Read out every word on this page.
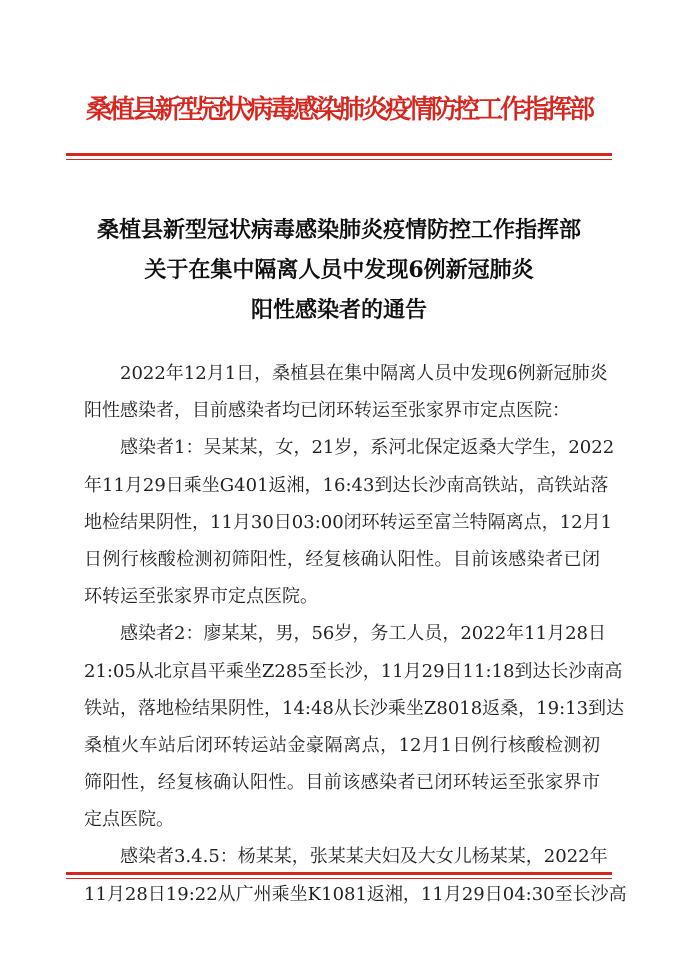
桑植县新型冠状病毒感染肺炎疫情防控工作指挥部
桑植县新型冠状病毒感染肺炎疫情防控工作指挥部
关于在集中隔离人员中发现6例新冠肺炎
阳性感染者的通告
2022年12月1日，桑植县在集中隔离人员中发现6例新冠肺炎
阳性感染者，目前感染者均已闭环转运至张家界市定点医院：
感染者1：吴某某，女，21岁，系河北保定返桑大学生，2022
年11月29日乘坐G401返湘，16:43到达长沙南高铁站，高铁站落
地检结果阴性，11月30日03:00闭环转运至富兰特隔离点，12月1
日例行核酸检测初筛阳性，经复核确认阳性。目前该感染者已闭
环转运至张家界市定点医院。
感染者2：廖某某，男，56岁，务工人员，2022年11月28日
21:05从北京昌平乘坐Z285至长沙，11月29日11:18到达长沙南高
铁站，落地检结果阴性，14:48从长沙乘坐Z8018返桑，19:13到达
桑植火车站后闭环转运站金豪隔离点，12月1日例行核酸检测初
筛阳性，经复核确认阳性。目前该感染者已闭环转运至张家界市
定点医院。
感染者3.4.5：杨某某，张某某夫妇及大女儿杨某某，2022年
11月28日19:22从广州乘坐K1081返湘，11月29日04:30至长沙高
